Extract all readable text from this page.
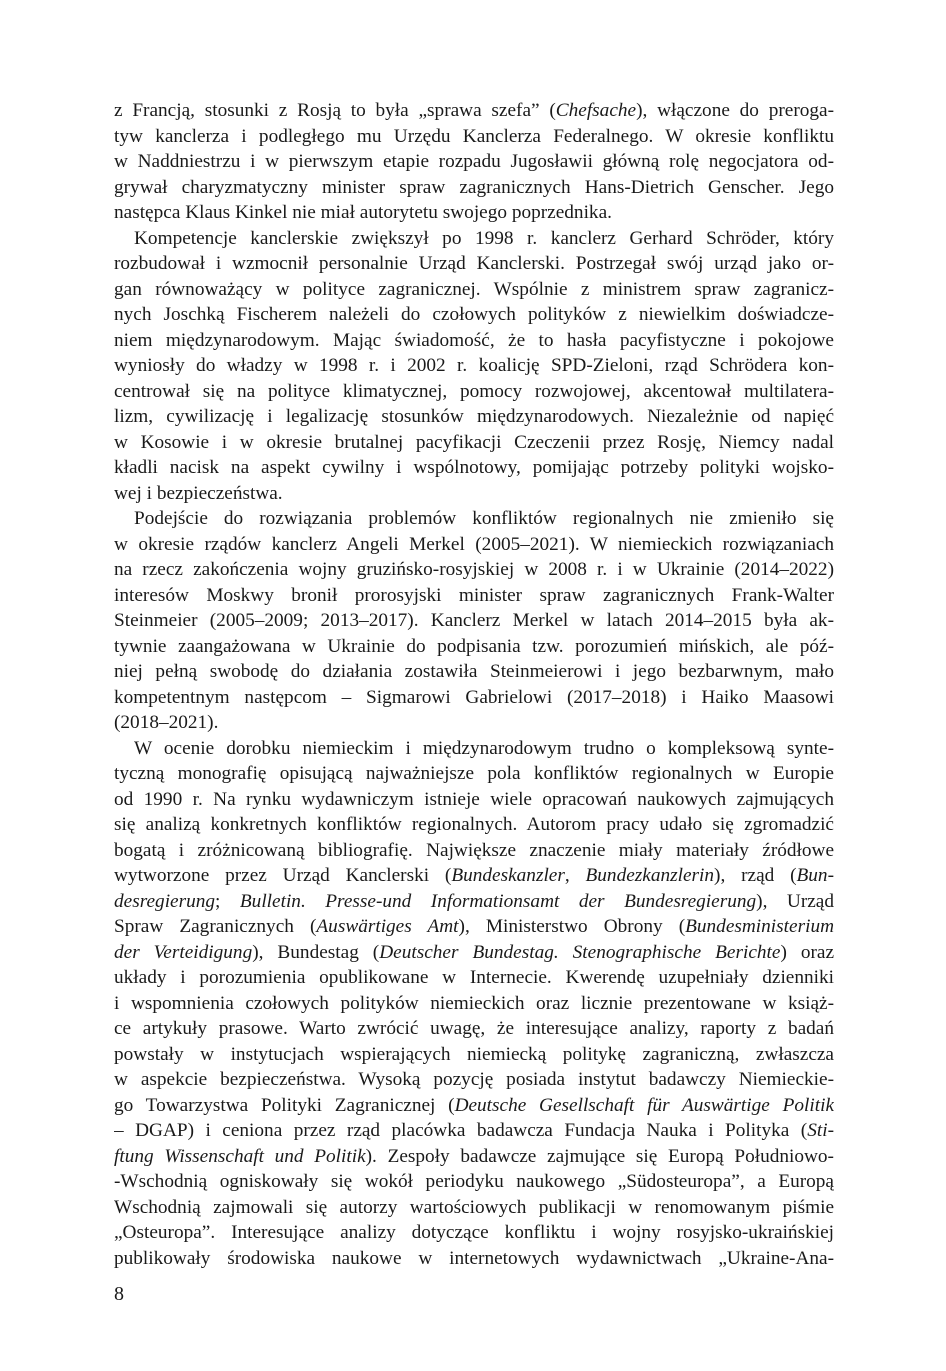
z Francją, stosunki z Rosją to była „sprawa szefa” (Chefsache), włączone do preroga-
tyw kanclerza i podległego mu Urzędu Kanclerza Federalnego. W okresie konfliktu
w Naddniestrzu i w pierwszym etapie rozpadu Jugosławii główną rolę negocjatora od-
grywał charyzmatyczny minister spraw zagranicznych Hans-Dietrich Genscher. Jego
następca Klaus Kinkel nie miał autorytetu swojego poprzednika.
Kompetencje kanclerskie zwiększył po 1998 r. kanclerz Gerhard Schröder, który
rozbudował i wzmocnił personalnie Urząd Kanclerski. Postrzegał swój urząd jako or-
gan równoważący w polityce zagranicznej. Wspólnie z ministrem spraw zagranicz-
nych Joschką Fischerem należeli do czołowych polityków z niewielkim doświadcze-
niem międzynarodowym. Mając świadomość, że to hasła pacyfistyczne i pokojowe
wyniosły do władzy w 1998 r. i 2002 r. koalicję SPD-Zieloni, rząd Schrödera kon-
centrował się na polityce klimatycznej, pomocy rozwojowej, akcentował multilatera-
lizm, cywilizację i legalizację stosunków międzynarodowych. Niezależnie od napięć
w Kosowie i w okresie brutalnej pacyfikacji Czeczenii przez Rosję, Niemcy nadal
kładli nacisk na aspekt cywilny i wspólnotowy, pomijając potrzeby polityki wojsko-
wej i bezpieczeństwa.
Podejście do rozwiązania problemów konfliktów regionalnych nie zmieniło się
w okresie rządów kanclerz Angeli Merkel (2005–2021). W niemieckich rozwiązaniach
na rzecz zakończenia wojny gruzińsko-rosyjskiej w 2008 r. i w Ukrainie (2014–2022)
interesów Moskwy bronił prorosyjski minister spraw zagranicznych Frank-Walter
Steinmeier (2005–2009; 2013–2017). Kanclerz Merkel w latach 2014–2015 była ak-
tywnie zaangażowana w Ukrainie do podpisania tzw. porozumień mińskich, ale póź-
niej pełną swobodę do działania zostawiła Steinmeierowi i jego bezbarwnym, mało
kompetentnym następcom – Sigmarowi Gabrielowi (2017–2018) i Haiko Maasowi
(2018–2021).
W ocenie dorobku niemieckim i międzynarodowym trudno o kompleksową synte-
tyczną monografię opisującą najważniejsze pola konfliktów regionalnych w Europie
od 1990 r. Na rynku wydawniczym istnieje wiele opracowań naukowych zajmujących
się analizą konkretnych konfliktów regionalnych. Autorom pracy udało się zgromadzić
bogatą i zróżnicowaną bibliografię. Największe znaczenie miały materiały źródłowe
wytworzone przez Urząd Kanclerski (Bundeskanzler, Bundezkanzlerin), rząd (Bun-
desregierung; Bulletin. Presse-und Informationsamt der Bundesregierung), Urząd
Spraw Zagranicznych (Auswärtiges Amt), Ministerstwo Obrony (Bundesministerium
der Verteidigung), Bundestag (Deutscher Bundestag. Stenographische Berichte) oraz
układy i porozumienia opublikowane w Internecie. Kwerendę uzupełniały dzienniki
i wspomnienia czołowych polityków niemieckich oraz licznie prezentowane w książ-
ce artykuły prasowe. Warto zwrócić uwagę, że interesujące analizy, raporty z badań
powstały w instytucjach wspierających niemiecką politykę zagraniczną, zwłaszcza
w aspekcie bezpieczeństwa. Wysoką pozycję posiada instytut badawczy Niemieckie-
go Towarzystwa Polityki Zagranicznej (Deutsche Gesellschaft für Auswärtige Politik
– DGAP) i ceniona przez rząd placówka badawcza Fundacja Nauka i Polityka (Sti-
ftung Wissenschaft und Politik). Zespoły badawcze zajmujące się Europą Południowo-
-Wschodnią ogniskowały się wokół periodyku naukowego „Südosteuropa”, a Europą
Wschodnią zajmowali się autorzy wartościowych publikacji w renomowanym piśmie
„Osteuropa”. Interesujące analizy dotyczące konfliktu i wojny rosyjsko-ukraińskiej
publikowały środowiska naukowe w internetowych wydawnictwach „Ukraine-Ana-
8
